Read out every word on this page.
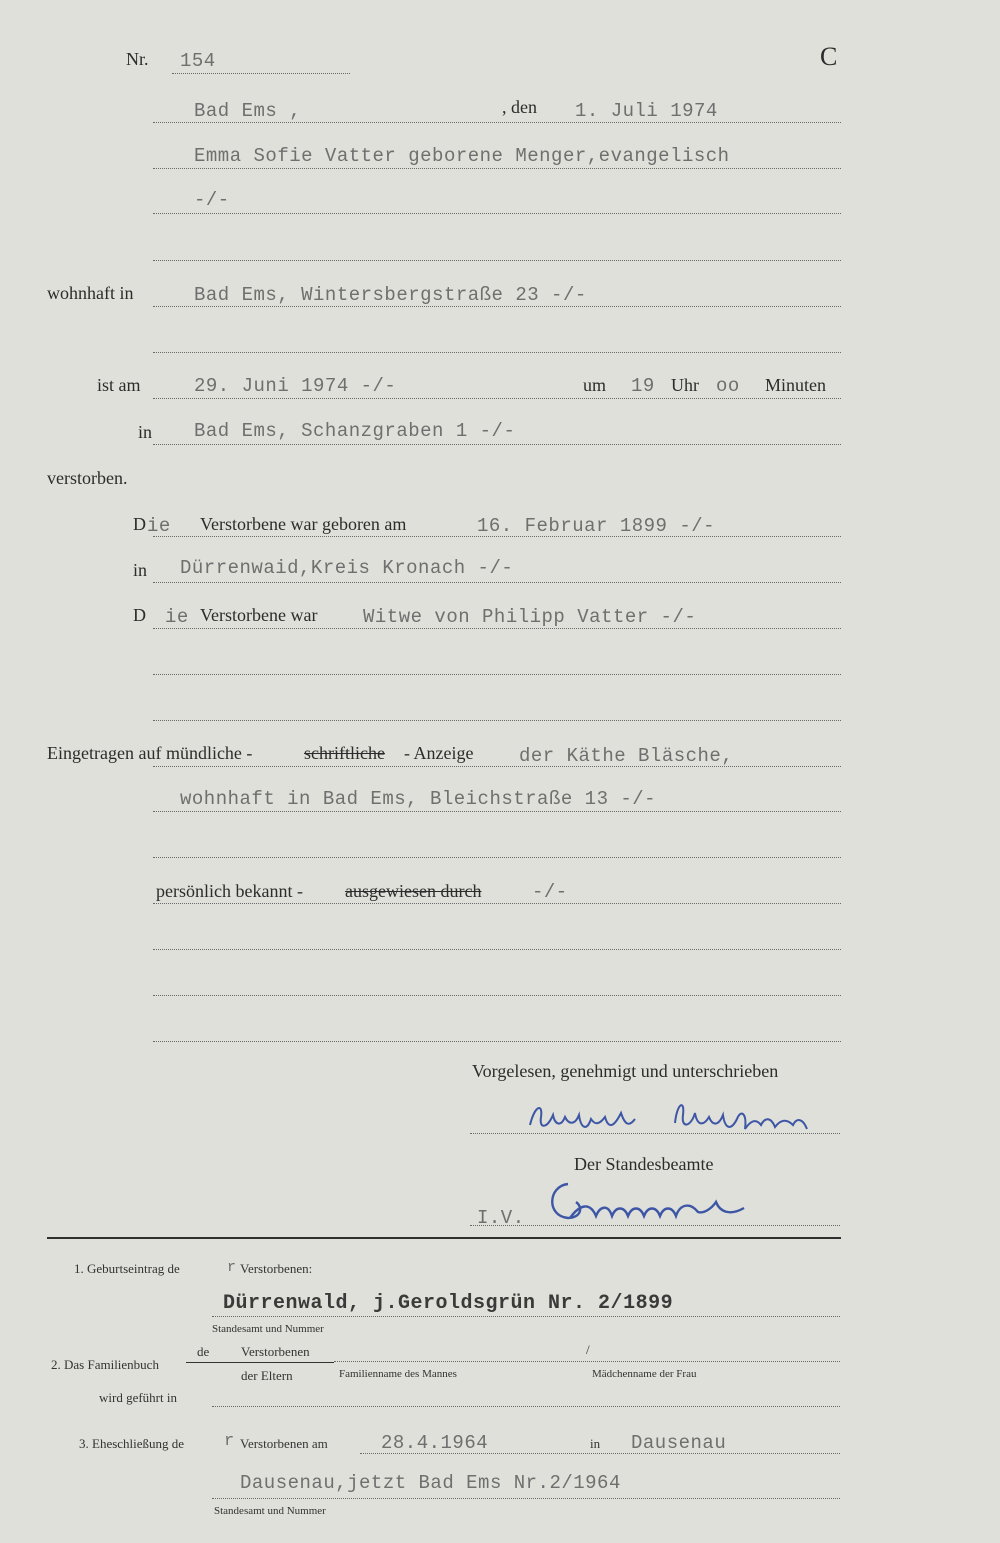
Nr. 154	C
Bad Ems ,	, den 1. Juli 1974
Emma Sofie Vatter geborene Menger,evangelisch
-/-
wohnhaft in	Bad Ems, Wintersbergstraße 23 -/-
ist am	29. Juni 1974 -/-	um 19 Uhr oo Minuten
in Bad Ems, Schanzgraben 1 -/-
verstorben.
D ie Verstorbene war geboren am	16. Februar 1899 -/-
in Dürrenwaid,Kreis Kronach -/-
D ie Verstorbene war Witwe von Philipp Vatter -/-
Eingetragen auf mündliche -	schriftliche - Anzeige der Käthe Bläsche,
wohnhaft in Bad Ems, Bleichstraße 13 -/-
persönlich bekannt - ausgewiesen durch	-/-
Vorgelesen, genehmigt und unterschrieben
Der Standesbeamte
I.V.
1. Geburtseintrag de	r Verstorbenen:
Dürrenwald, j.Geroldsgrün Nr. 2/1899
Standesamt und Nummer
2. Das Familienbuch
de Verstorbenen	/
der Eltern	Familienname des Mannes	Mädchenname der Frau
wird geführt in
3. Eheschließung de r Verstorbenen am	28.4.1964	in Dausenau
Dausenau,jetzt Bad Ems Nr.2/1964
Standesamt und Nummer
